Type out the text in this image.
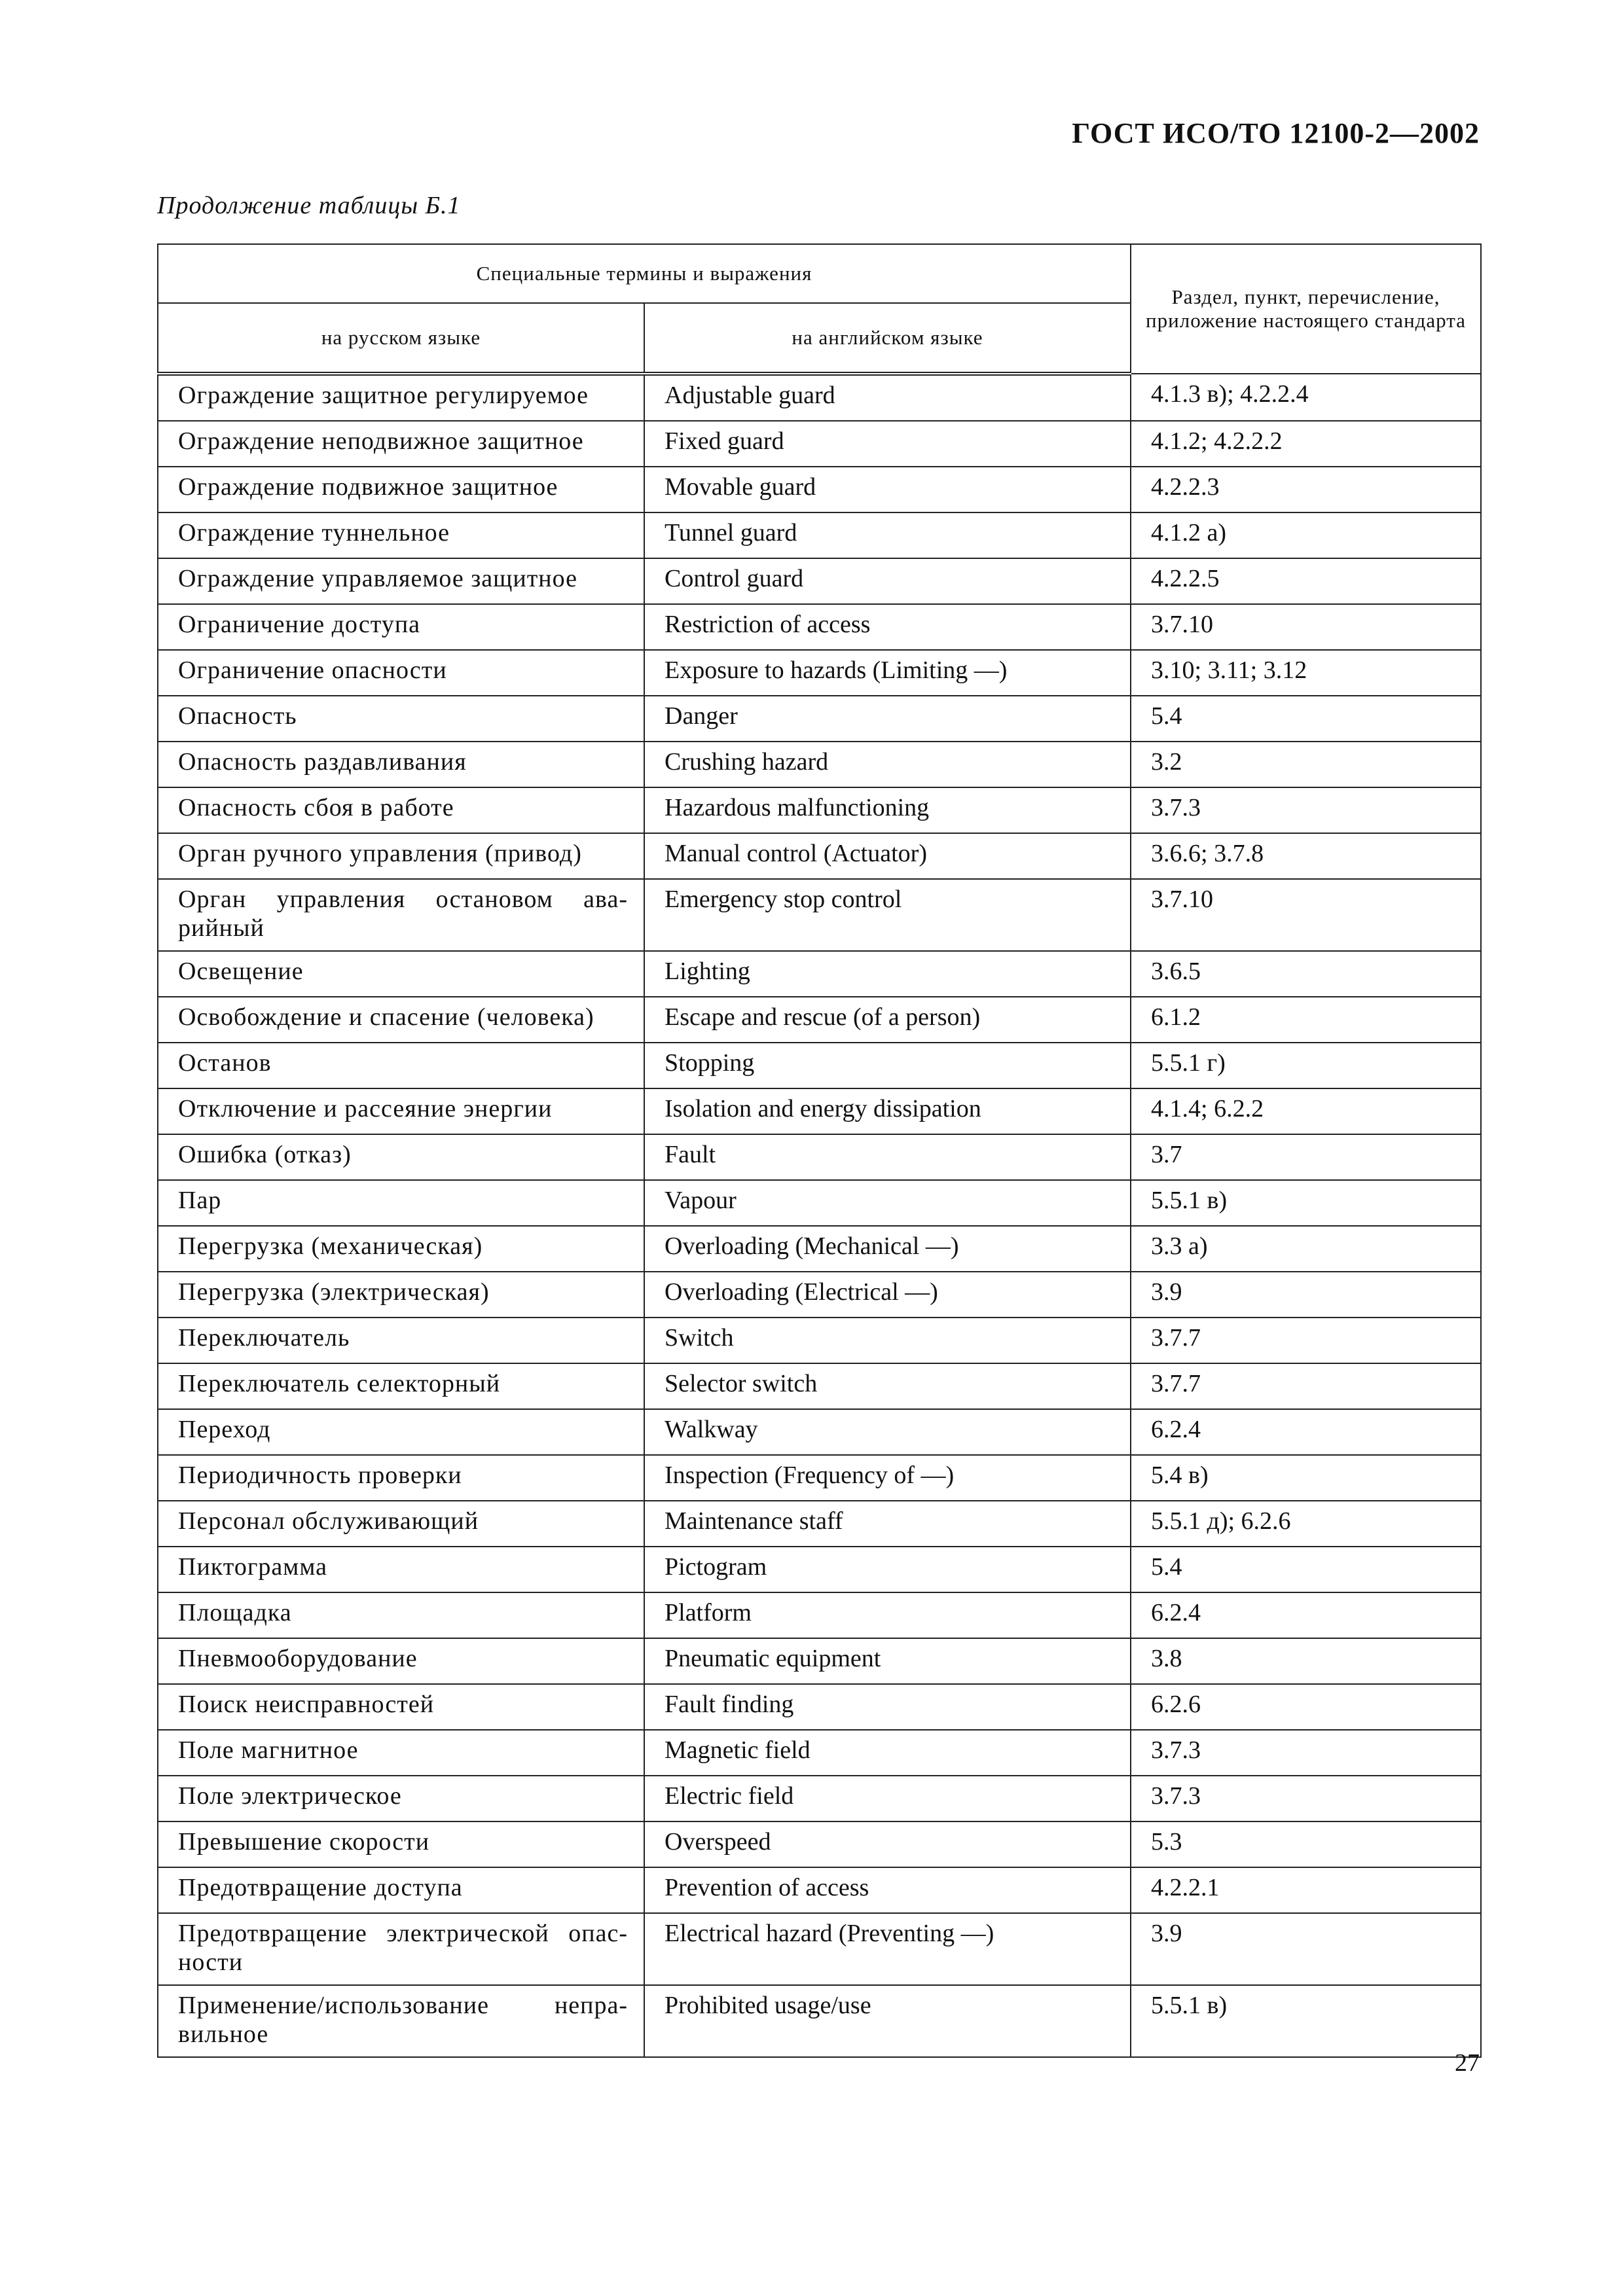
ГОСТ ИСО/ТО 12100-2—2002
Продолжение таблицы Б.1
Специальные термины и выражения		Раздел, пункт, перечисление, приложение настоящего стандарта
на русском языке	на английском языке	
Ограждение защитное регулируемое	Adjustable guard	4.1.3 в); 4.2.2.4
Ограждение неподвижное защитное	Fixed guard	4.1.2; 4.2.2.2
Ограждение подвижное защитное	Movable guard	4.2.2.3
Ограждение туннельное	Tunnel guard	4.1.2 а)
Ограждение управляемое защитное	Control guard	4.2.2.5
Ограничение доступа	Restriction of access	3.7.10
Ограничение опасности	Exposure to hazards (Limiting —)	3.10; 3.11; 3.12
Опасность	Danger	5.4
Опасность раздавливания	Crushing hazard	3.2
Опасность сбоя в работе	Hazardous malfunctioning	3.7.3
Орган ручного управления (привод)	Manual control (Actuator)	3.6.6; 3.7.8

Орган управления остановом ава-
рийный	Emergency stop control	3.7.10
Освещение	Lighting	3.6.5
Освобождение и спасение (человека)	Escape and rescue (of a person)	6.1.2
Останов	Stopping	5.5.1 г)
Отключение и рассеяние энергии	Isolation and energy dissipation	4.1.4; 6.2.2
Ошибка (отказ)	Fault	3.7
Пар	Vapour	5.5.1 в)
Перегрузка (механическая)	Overloading (Mechanical —)	3.3 а)
Перегрузка (электрическая)	Overloading (Electrical —)	3.9
Переключатель	Switch	3.7.7
Переключатель селекторный	Selector switch	3.7.7
Переход	Walkway	6.2.4
Периодичность проверки	Inspection (Frequency of —)	5.4 в)
Персонал обслуживающий	Maintenance staff	5.5.1 д); 6.2.6
Пиктограмма	Pictogram	5.4
Площадка	Platform	6.2.4
Пневмооборудование	Pneumatic equipment	3.8
Поиск неисправностей	Fault finding	6.2.6
Поле магнитное	Magnetic field	3.7.3
Поле электрическое	Electric field	3.7.3
Превышение скорости	Overspeed	5.3
Предотвращение доступа	Prevention of access	4.2.2.1

Предотвращение электрической опас-
ности	Electrical hazard (Preventing —)	3.9

Применение/использование непра-
вильное	Prohibited usage/use	5.5.1 в)
27
